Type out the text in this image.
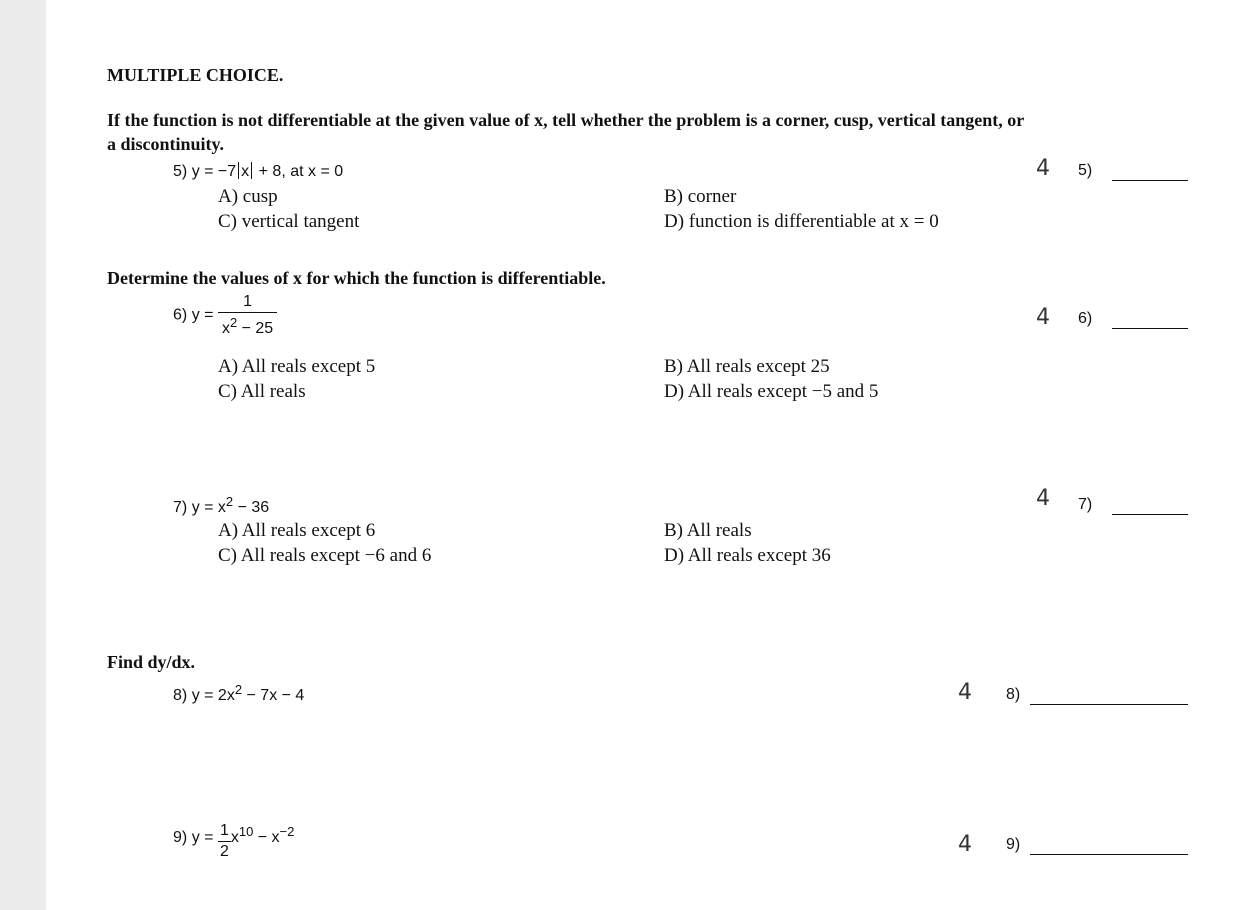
MULTIPLE CHOICE.
If the function is not differentiable at the given value of x, tell whether the problem is a corner, cusp, vertical tangent, or
a discontinuity.
5) y = −7 x + 8, at x = 0
A) cusp	B) corner
C) vertical tangent	D) function is differentiable at x = 0
4 5)
Determine the values of x for which the function is differentiable.
6) $y = \frac{1}{x^2 - 25}$
A) All reals except 5	B) All reals except 25
C) All reals	D) All reals except −5 and 5
4 6)
7) $y = x^2 - 36$
A) All reals except 6	B) All reals
C) All reals except −6 and 6	D) All reals except 36
4 7)
Find dy/dx.
8) $y = 2x^2 - 7x - 4$	4 8)
9) $y = \frac{1}{2} x^{10} - x^{-2}$
4 9)
